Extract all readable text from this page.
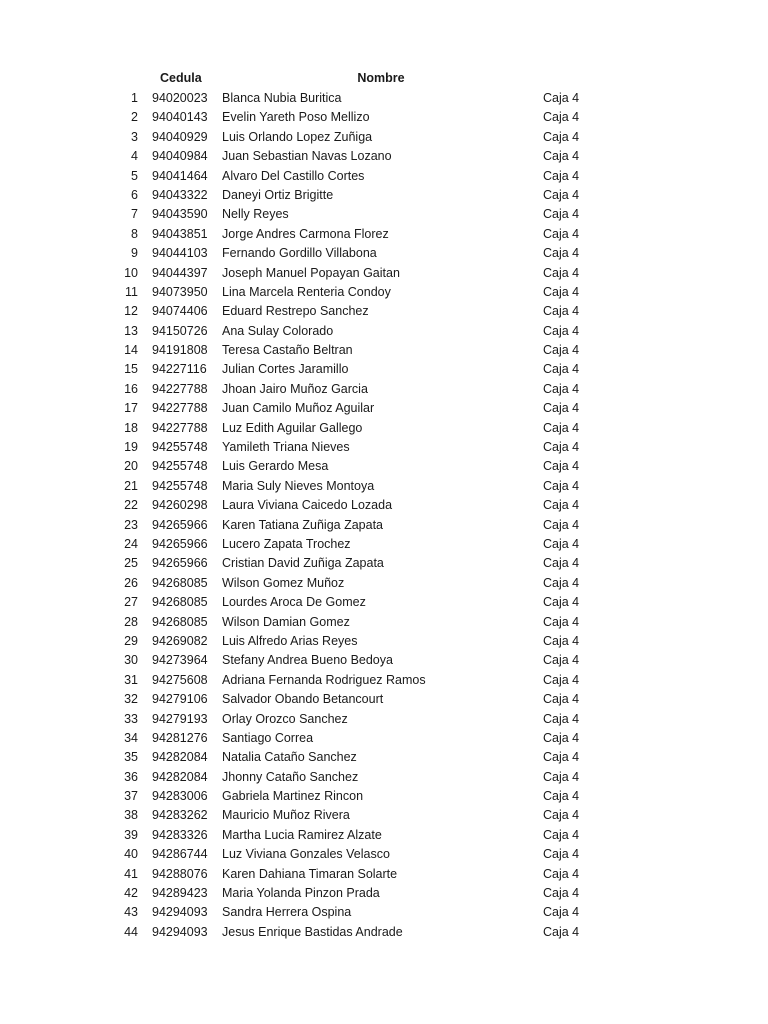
Cedula	Nombre
1 94020023	Blanca Nubia Buritica	Caja 4
2 94040143	Evelin Yareth Poso Mellizo	Caja 4
3 94040929	Luis Orlando Lopez Zuñiga	Caja 4
4 94040984	Juan Sebastian Navas Lozano	Caja 4
5 94041464	Alvaro Del Castillo Cortes	Caja 4
6 94043322	Daneyi Ortiz Brigitte	Caja 4
7 94043590	Nelly Reyes	Caja 4
8 94043851	Jorge Andres Carmona Florez	Caja 4
9 94044103	Fernando Gordillo Villabona	Caja 4
10 94044397	Joseph Manuel Popayan Gaitan	Caja 4
11 94073950	Lina Marcela Renteria Condoy	Caja 4
12 94074406	Eduard Restrepo Sanchez	Caja 4
13 94150726	Ana Sulay Colorado	Caja 4
14 94191808	Teresa Castaño Beltran	Caja 4
15 94227116	Julian Cortes Jaramillo	Caja 4
16 94227788	Jhoan Jairo Muñoz Garcia	Caja 4
17 94227788	Juan Camilo Muñoz Aguilar	Caja 4
18 94227788	Luz Edith Aguilar Gallego	Caja 4
19 94255748	Yamileth Triana Nieves	Caja 4
20 94255748	Luis Gerardo Mesa	Caja 4
21 94255748	Maria Suly Nieves Montoya	Caja 4
22 94260298	Laura Viviana Caicedo Lozada	Caja 4
23 94265966	Karen Tatiana Zuñiga Zapata	Caja 4
24 94265966	Lucero Zapata Trochez	Caja 4
25 94265966	Cristian David Zuñiga Zapata	Caja 4
26 94268085	Wilson Gomez Muñoz	Caja 4
27 94268085	Lourdes Aroca De Gomez	Caja 4
28 94268085	Wilson Damian Gomez	Caja 4
29 94269082	Luis Alfredo Arias Reyes	Caja 4
30 94273964	Stefany Andrea Bueno Bedoya	Caja 4
31 94275608	Adriana Fernanda Rodriguez Ramos	Caja 4
32 94279106	Salvador Obando Betancourt	Caja 4
33 94279193	Orlay Orozco Sanchez	Caja 4
34 94281276	Santiago Correa	Caja 4
35 94282084	Natalia Cataño Sanchez	Caja 4
36 94282084	Jhonny Cataño Sanchez	Caja 4
37 94283006	Gabriela Martinez Rincon	Caja 4
38 94283262	Mauricio Muñoz Rivera	Caja 4
39 94283326	Martha Lucia Ramirez Alzate	Caja 4
40 94286744	Luz Viviana Gonzales Velasco	Caja 4
41 94288076	Karen Dahiana Timaran Solarte	Caja 4
42 94289423	Maria Yolanda Pinzon Prada	Caja 4
43 94294093	Sandra Herrera Ospina	Caja 4
44 94294093	Jesus Enrique Bastidas Andrade	Caja 4
